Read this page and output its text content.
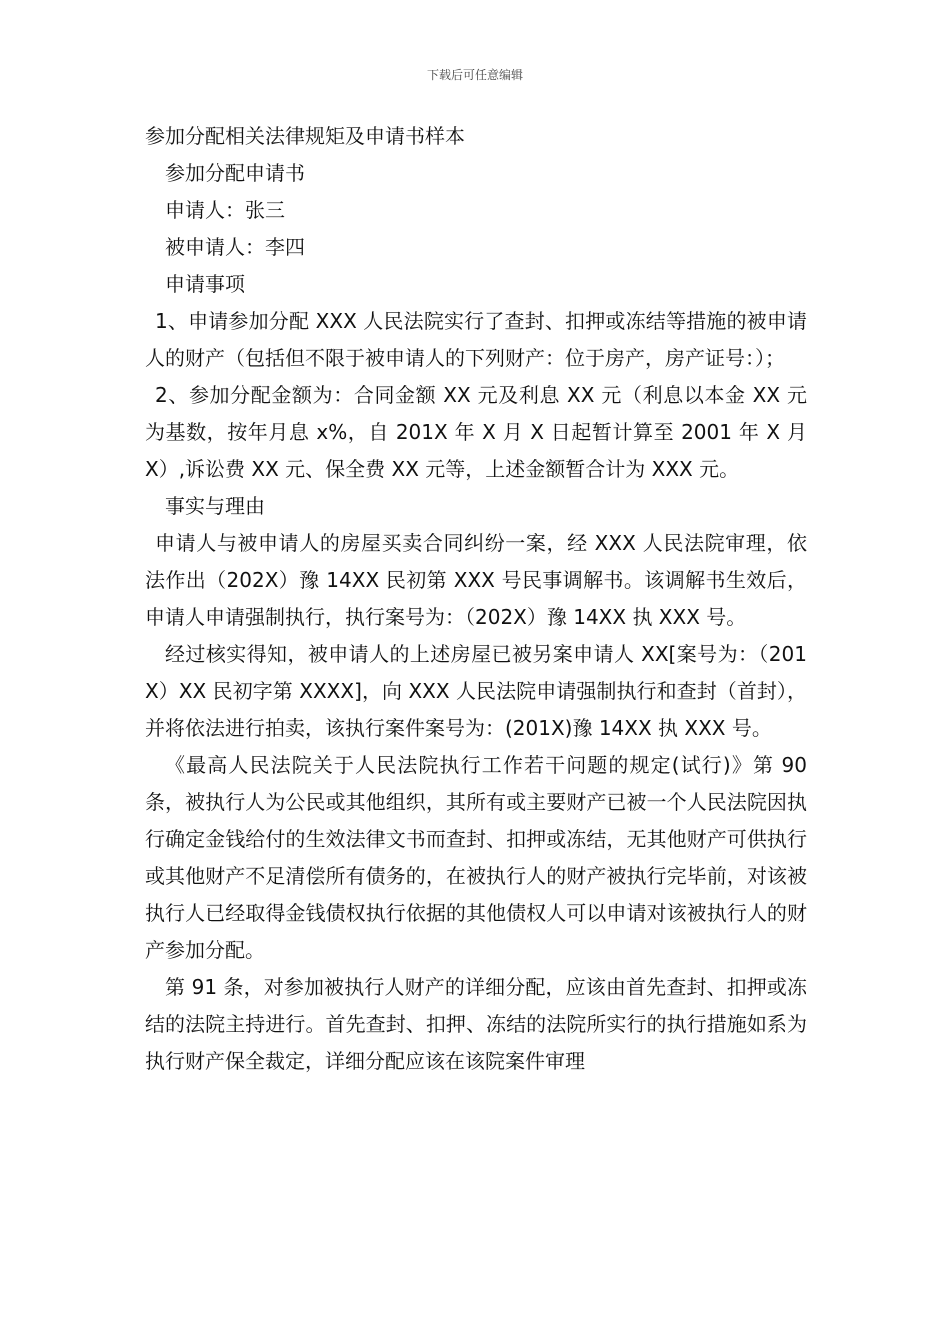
下载后可任意编辑

参加分配相关法律规矩及申请书样本

参加分配申请书

申请人：张三

被申请人：李四

申请事项

1、申请参加分配 XXX 人民法院实行了查封、扣押或冻结等措施的被申请人的财产（包括但不限于被申请人的下列财产：位于房产，房产证号：）；

2、参加分配金额为：合同金额 XX 元及利息 XX 元（利息以本金 XX 元为基数，按年月息 x%，自 201X 年 X 月 X 日起暂计算至 2001 年 X 月 X）,诉讼费 XX 元、保全费 XX 元等，上述金额暂合计为 XXX 元。

事实与理由

申请人与被申请人的房屋买卖合同纠纷一案，经 XXX 人民法院审理，依法作出（202X）豫 14XX 民初第 XXX 号民事调解书。该调解书生效后，申请人申请强制执行，执行案号为：（202X）豫 14XX 执 XXX 号。

经过核实得知，被申请人的上述房屋已被另案申请人 XX[案号为：（201X）XX 民初字第 XXXX]，向 XXX 人民法院申请强制执行和查封（首封），并将依法进行拍卖，该执行案件案号为：(201X)豫 14XX 执 XXX 号。

《最高人民法院关于人民法院执行工作若干问题的规定(试行)》第 90 条，被执行人为公民或其他组织，其所有或主要财产已被一个人民法院因执行确定金钱给付的生效法律文书而查封、扣押或冻结，无其他财产可供执行或其他财产不足清偿所有债务的，在被执行人的财产被执行完毕前，对该被执行人已经取得金钱债权执行依据的其他债权人可以申请对该被执行人的财产参加分配。

第 91 条，对参加被执行人财产的详细分配，应该由首先查封、扣押或冻结的法院主持进行。首先查封、扣押、冻结的法院所实行的执行措施如系为执行财产保全裁定，详细分配应该在该院案件审理
